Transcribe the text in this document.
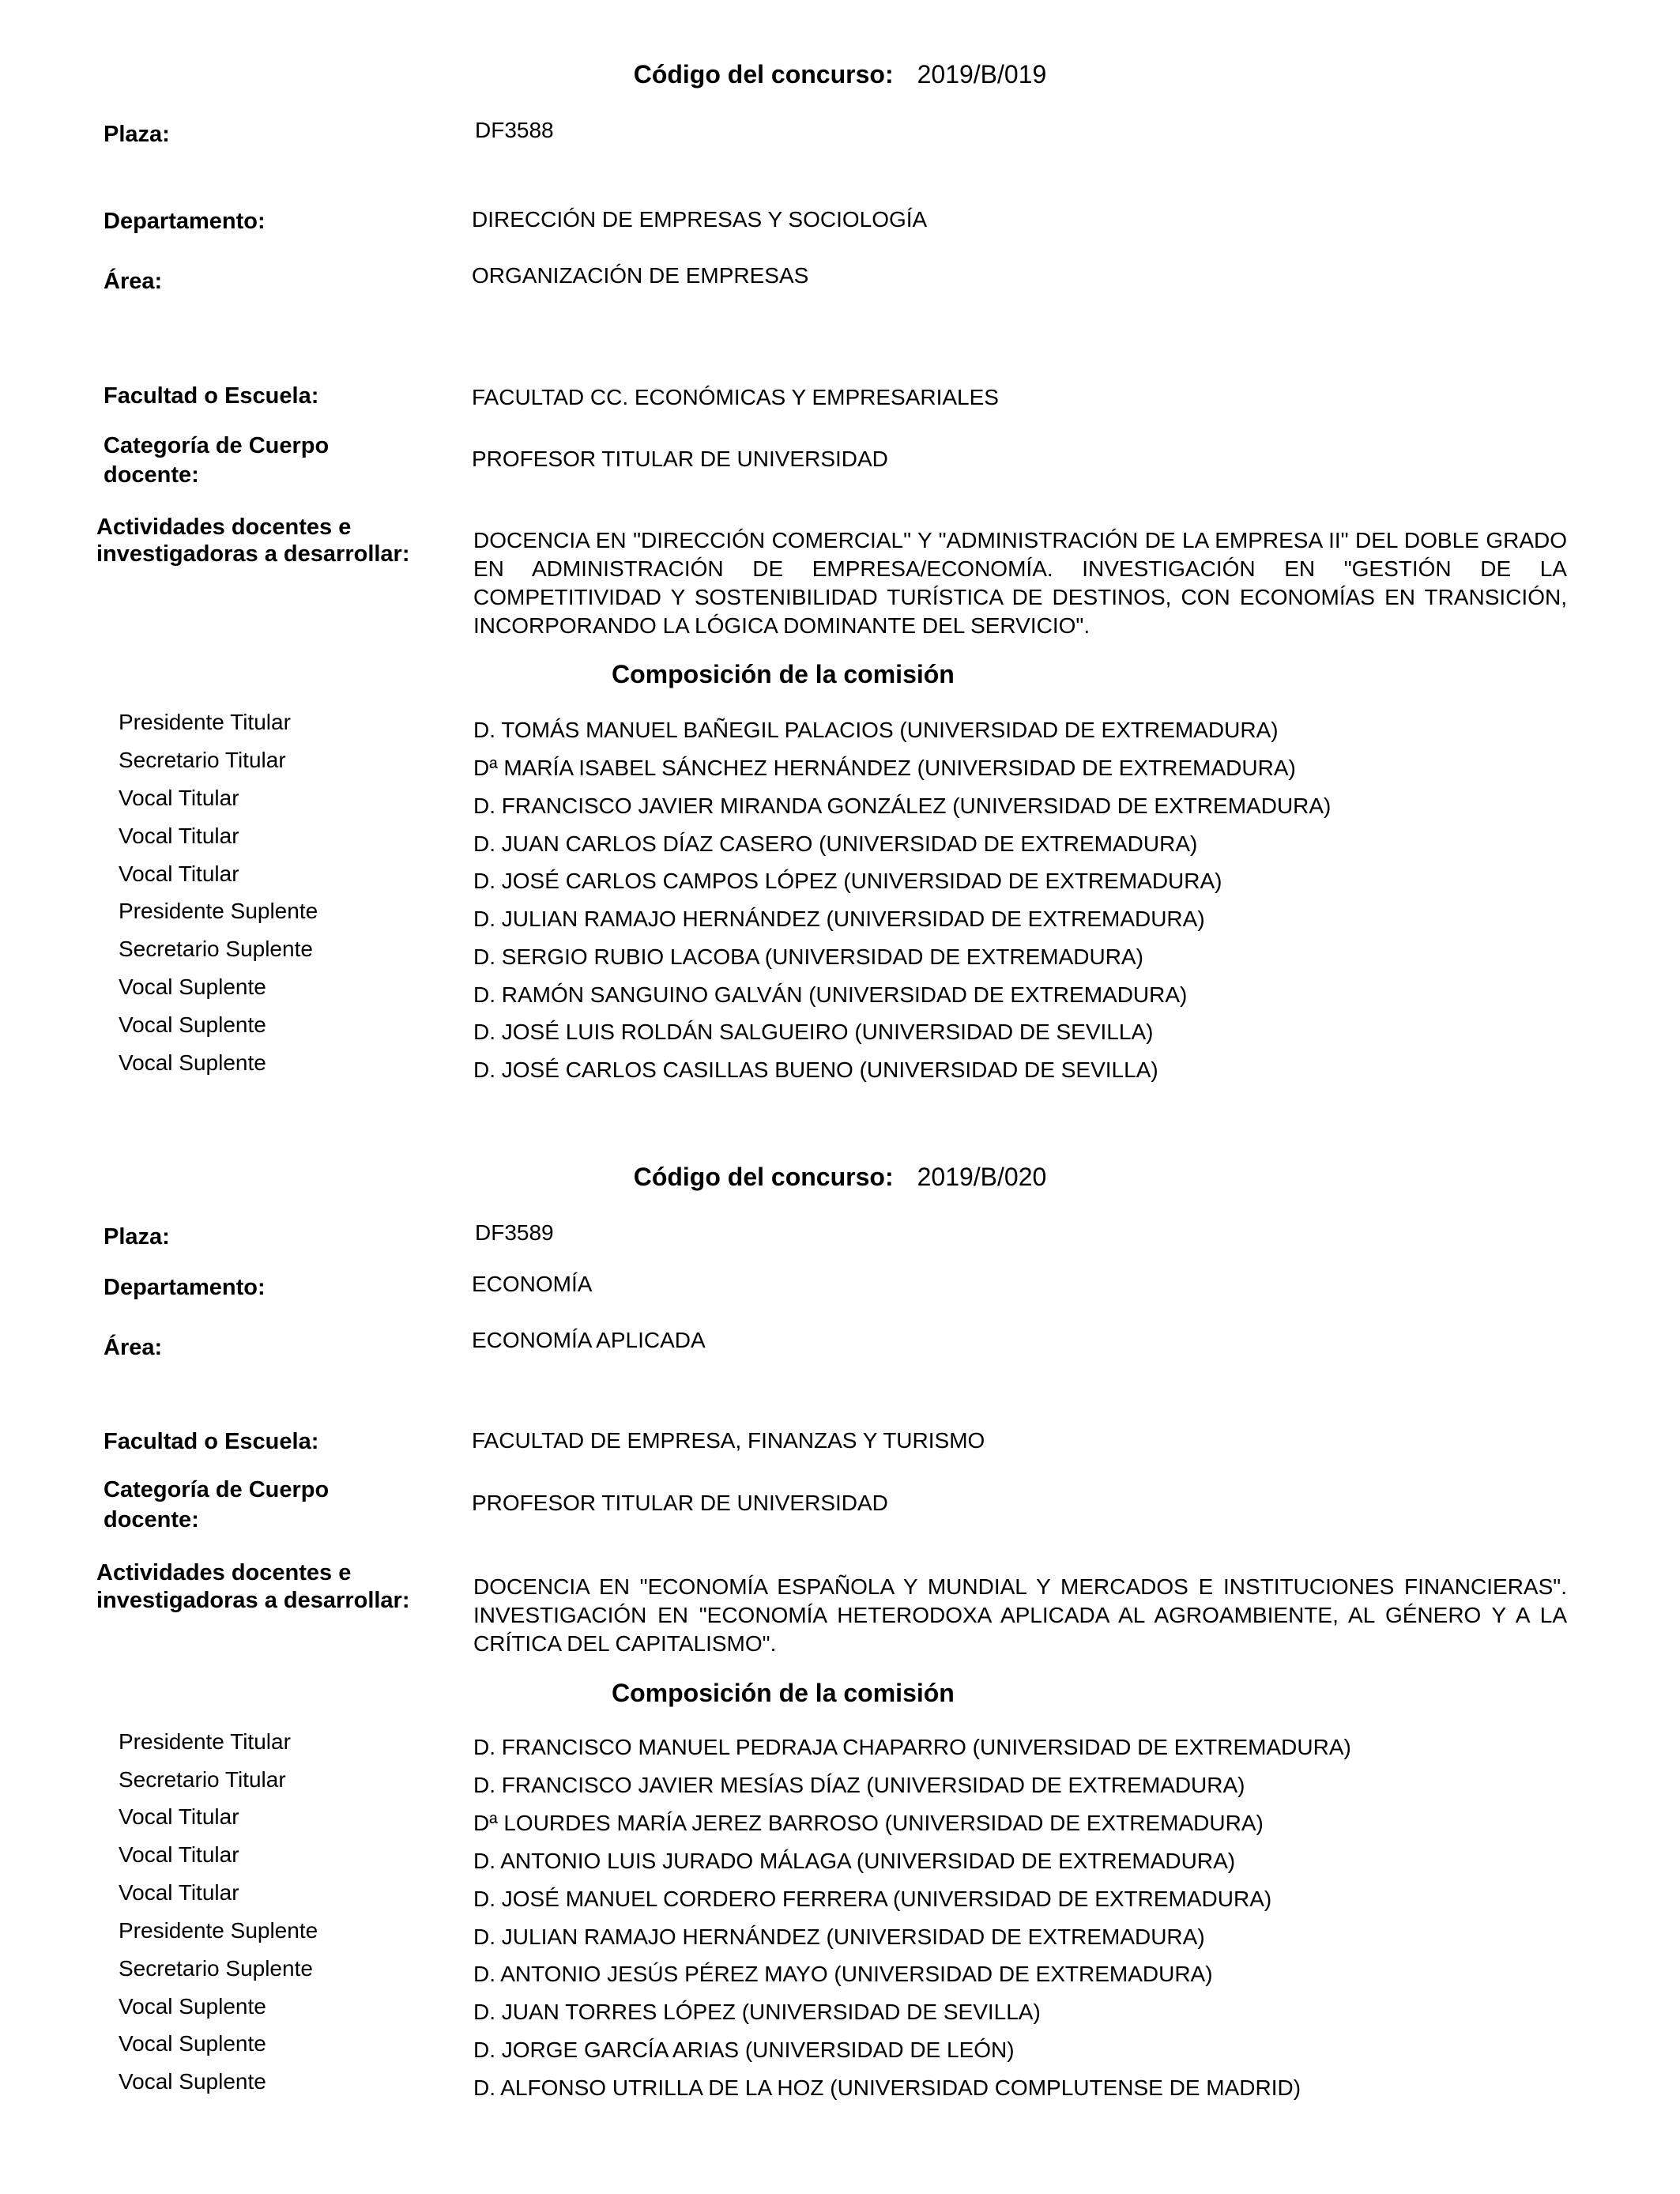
Código del concurso: 2019/B/019
Plaza:	DF3588
Departamento:	DIRECCIÓN DE EMPRESAS Y SOCIOLOGÍA
Área:	ORGANIZACIÓN DE EMPRESAS
Facultad o Escuela:	FACULTAD CC. ECONÓMICAS Y EMPRESARIALES
Categoría de Cuerpo
docente:
PROFESOR TITULAR DE UNIVERSIDAD
Actividades docentes e
investigadoras a desarrollar:
DOCENCIA EN "DIRECCIÓN COMERCIAL" Y "ADMINISTRACIÓN DE LA EMPRESA II" DEL DOBLE GRADO EN ADMINISTRACIÓN DE EMPRESA/ECONOMÍA. INVESTIGACIÓN EN "GESTIÓN DE LA COMPETITIVIDAD Y SOSTENIBILIDAD TURÍSTICA DE DESTINOS, CON ECONOMÍAS EN TRANSICIÓN, INCORPORANDO LA LÓGICA DOMINANTE DEL SERVICIO".
Composición de la comisión
Presidente Titular	D. TOMÁS MANUEL BAÑEGIL PALACIOS (UNIVERSIDAD DE EXTREMADURA)
Secretario Titular	Dª MARÍA ISABEL SÁNCHEZ HERNÁNDEZ (UNIVERSIDAD DE EXTREMADURA)
Vocal Titular	D. FRANCISCO JAVIER MIRANDA GONZÁLEZ (UNIVERSIDAD DE EXTREMADURA)
Vocal Titular	D. JUAN CARLOS DÍAZ CASERO (UNIVERSIDAD DE EXTREMADURA)
Vocal Titular	D. JOSÉ CARLOS CAMPOS LÓPEZ (UNIVERSIDAD DE EXTREMADURA)
Presidente Suplente	D. JULIAN RAMAJO HERNÁNDEZ (UNIVERSIDAD DE EXTREMADURA)
Secretario Suplente	D. SERGIO RUBIO LACOBA (UNIVERSIDAD DE EXTREMADURA)
Vocal Suplente	D. RAMÓN SANGUINO GALVÁN (UNIVERSIDAD DE EXTREMADURA)
Vocal Suplente	D. JOSÉ LUIS ROLDÁN SALGUEIRO (UNIVERSIDAD DE SEVILLA)
Vocal Suplente	D. JOSÉ CARLOS CASILLAS BUENO (UNIVERSIDAD DE SEVILLA)
Código del concurso: 2019/B/020
Plaza:	DF3589
Departamento:	ECONOMÍA
Área:	ECONOMÍA APLICADA
Facultad o Escuela:	FACULTAD DE EMPRESA, FINANZAS Y TURISMO
Categoría de Cuerpo
docente:
PROFESOR TITULAR DE UNIVERSIDAD
Actividades docentes e
investigadoras a desarrollar:
DOCENCIA EN "ECONOMÍA ESPAÑOLA Y MUNDIAL Y MERCADOS E INSTITUCIONES FINANCIERAS". INVESTIGACIÓN EN "ECONOMÍA HETERODOXA APLICADA AL AGROAMBIENTE, AL GÉNERO Y A LA CRÍTICA DEL CAPITALISMO".
Composición de la comisión
Presidente Titular	D. FRANCISCO MANUEL PEDRAJA CHAPARRO (UNIVERSIDAD DE EXTREMADURA)
Secretario Titular	D. FRANCISCO JAVIER MESÍAS DÍAZ (UNIVERSIDAD DE EXTREMADURA)
Vocal Titular	Dª LOURDES MARÍA JEREZ BARROSO (UNIVERSIDAD DE EXTREMADURA)
Vocal Titular	D. ANTONIO LUIS JURADO MÁLAGA (UNIVERSIDAD DE EXTREMADURA)
Vocal Titular	D. JOSÉ MANUEL CORDERO FERRERA (UNIVERSIDAD DE EXTREMADURA)
Presidente Suplente	D. JULIAN RAMAJO HERNÁNDEZ (UNIVERSIDAD DE EXTREMADURA)
Secretario Suplente	D. ANTONIO JESÚS PÉREZ MAYO (UNIVERSIDAD DE EXTREMADURA)
Vocal Suplente	D. JUAN TORRES LÓPEZ (UNIVERSIDAD DE SEVILLA)
Vocal Suplente	D. JORGE GARCÍA ARIAS (UNIVERSIDAD DE LEÓN)
Vocal Suplente	D. ALFONSO UTRILLA DE LA HOZ (UNIVERSIDAD COMPLUTENSE DE MADRID)
